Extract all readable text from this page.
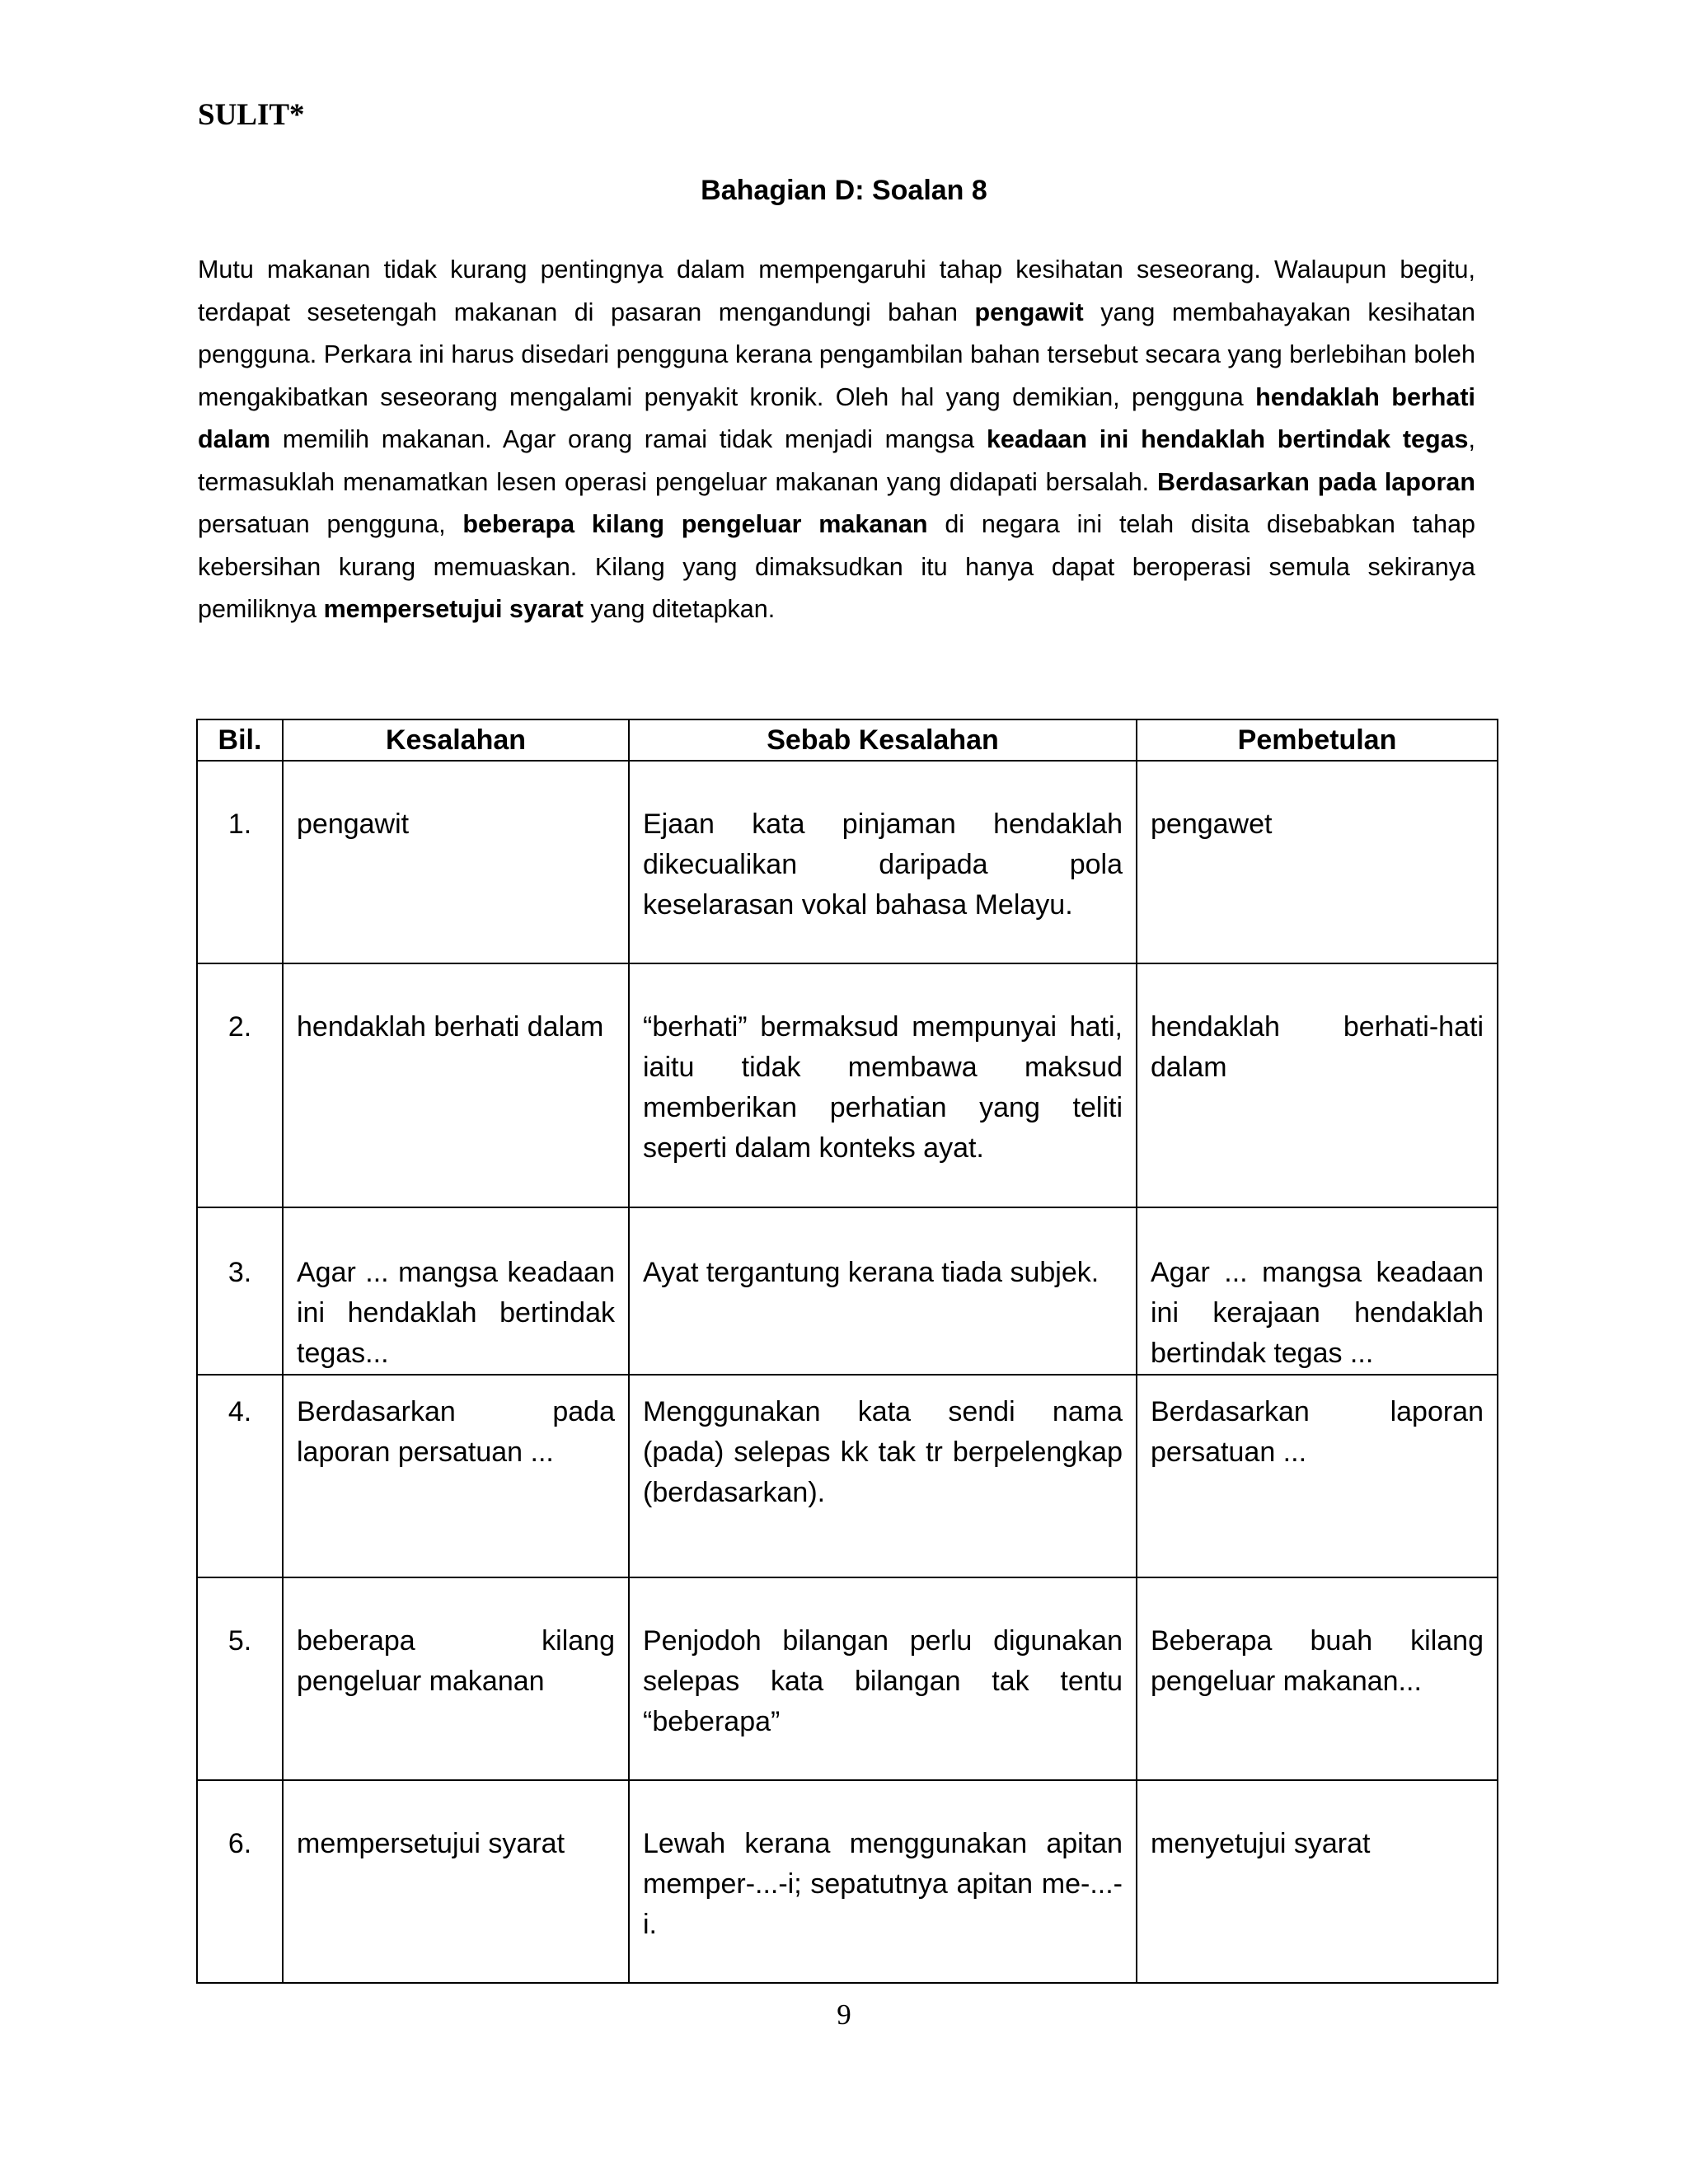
SULIT*
Bahagian D: Soalan 8

Mutu makanan tidak kurang pentingnya dalam mempengaruhi tahap kesihatan seseorang. Walaupun begitu, terdapat sesetengah makanan di pasaran mengandungi bahan pengawit yang membahayakan kesihatan pengguna. Perkara ini harus disedari pengguna kerana pengambilan bahan tersebut secara yang berlebihan boleh mengakibatkan seseorang mengalami penyakit kronik. Oleh hal yang demikian, pengguna hendaklah berhati dalam memilih makanan. Agar orang ramai tidak menjadi mangsa keadaan ini hendaklah bertindak tegas, termasuklah menamatkan lesen operasi pengeluar makanan yang didapati bersalah. Berdasarkan pada laporan persatuan pengguna, beberapa kilang pengeluar makanan di negara ini telah disita disebabkan tahap kebersihan kurang memuaskan. Kilang yang dimaksudkan itu hanya dapat beroperasi semula sekiranya pemiliknya mempersetujui syarat yang ditetapkan.

Bil.	Kesalahan	Sebab Kesalahan	Pembetulan
1.	pengawit	Ejaan kata pinjaman hendaklah dikecualikan daripada pola keselarasan vokal bahasa Melayu.	pengawet
2.	hendaklah berhati dalam	“berhati” bermaksud mempunyai hati, iaitu tidak membawa maksud memberikan perhatian yang teliti seperti dalam konteks ayat.	hendaklah berhati-hati dalam
3.	Agar ... mangsa keadaan ini hendaklah bertindak tegas...	Ayat tergantung kerana tiada subjek.	Agar ... mangsa keadaan ini kerajaan hendaklah bertindak tegas ...
4.	Berdasarkan pada laporan persatuan ...	Menggunakan kata sendi nama (pada) selepas kk tak tr berpelengkap (berdasarkan).	Berdasarkan laporan persatuan ...
5.	beberapa kilang pengeluar makanan	Penjodoh bilangan perlu digunakan selepas kata bilangan tak tentu “beberapa”	Beberapa buah kilang pengeluar makanan...
6.	mempersetujui syarat	Lewah kerana menggunakan apitan memper-...-i; sepatutnya apitan me-...-i.	menyetujui syarat
9
